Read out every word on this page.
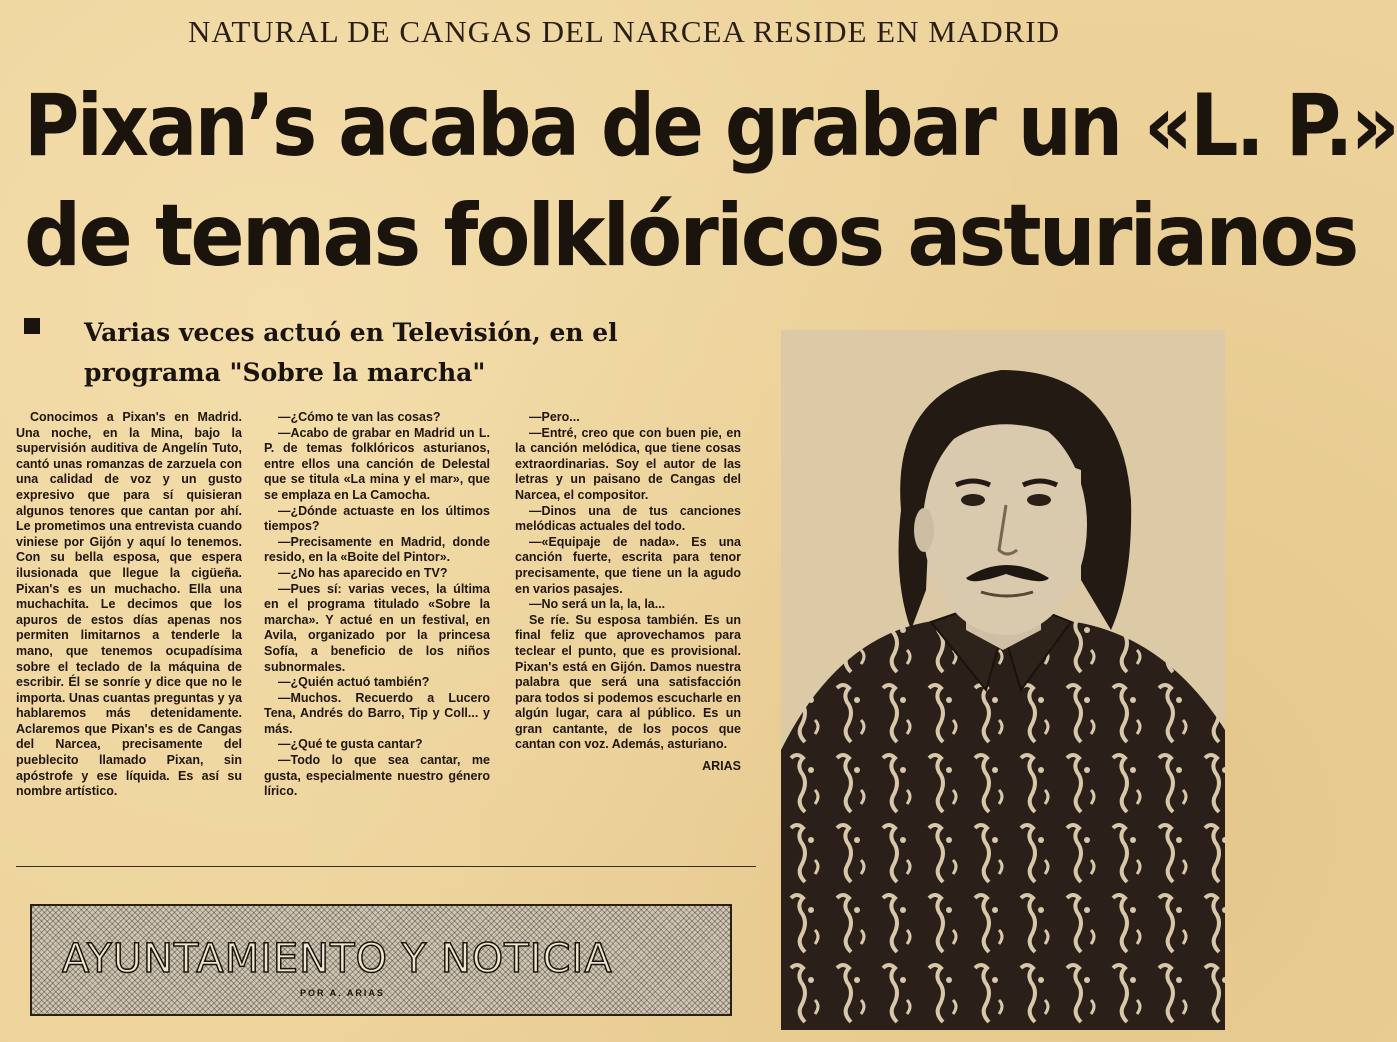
NATURAL DE CANGAS DEL NARCEA RESIDE EN MADRID
Pixan’s acaba de grabar un «L. P.»
de temas folklóricos asturianos
Varias veces actuó en Televisión, en el
programa "Sobre la marcha"

Conocimos a Pixan's en Madrid. Una noche, en la Mina, bajo la supervisión auditiva de Angelín Tuto, cantó unas romanzas de zarzuela con una calidad de voz y un gusto expresivo que para sí quisieran algunos tenores que cantan por ahí. Le prometimos una entrevista cuando viniese por Gijón y aquí lo tenemos. Con su bella esposa, que espera ilusionada que llegue la cigüeña. Pixan's es un muchacho. Ella una muchachita. Le decimos que los apuros de estos días apenas nos permiten limitarnos a tenderle la mano, que tenemos ocupadísima sobre el teclado de la máquina de escribir. Él se sonríe y dice que no le importa. Unas cuantas preguntas y ya hablaremos más detenidamente. Aclaremos que Pixan's es de Cangas del Narcea, precisamente del pueblecito llamado Pixan, sin apóstrofe y ese líquida. Es así su nombre artístico.

—¿Cómo te van las cosas?

—Acabo de grabar en Madrid un L. P. de temas folklóricos asturianos, entre ellos una canción de Delestal que se titula «La mina y el mar», que se emplaza en La Camocha.

—¿Dónde actuaste en los últimos tiempos?

—Precisamente en Madrid, donde resido, en la «Boite del Pintor».

—¿No has aparecido en TV?

—Pues sí: varias veces, la última en el programa titulado «Sobre la marcha». Y actué en un festival, en Avila, organizado por la princesa Sofía, a beneficio de los niños subnormales.

—¿Quién actuó también?

—Muchos. Recuerdo a Lucero Tena, Andrés do Barro, Tip y Coll... y más.

—¿Qué te gusta cantar?

—Todo lo que sea cantar, me gusta, especialmente nuestro género lírico.

—Pero...

—Entré, creo que con buen pie, en la canción melódica, que tiene cosas extraordinarias. Soy el autor de las letras y un paisano de Cangas del Narcea, el compositor.

—Dinos una de tus canciones melódicas actuales del todo.

—«Equipaje de nada». Es una canción fuerte, escrita para tenor precisamente, que tiene un la agudo en varios pasajes.

—No será un la, la, la...

Se ríe. Su esposa también. Es un final feliz que aprovechamos para teclear el punto, que es provisional. Pixan's está en Gijón. Damos nuestra palabra que será una satisfacción para todos si podemos escucharle en algún lugar, cara al público. Es un gran cantante, de los pocos que cantan con voz. Además, asturiano.

ARIAS
AYUNTAMIENTO Y NOTICIA
POR A. ARIAS
